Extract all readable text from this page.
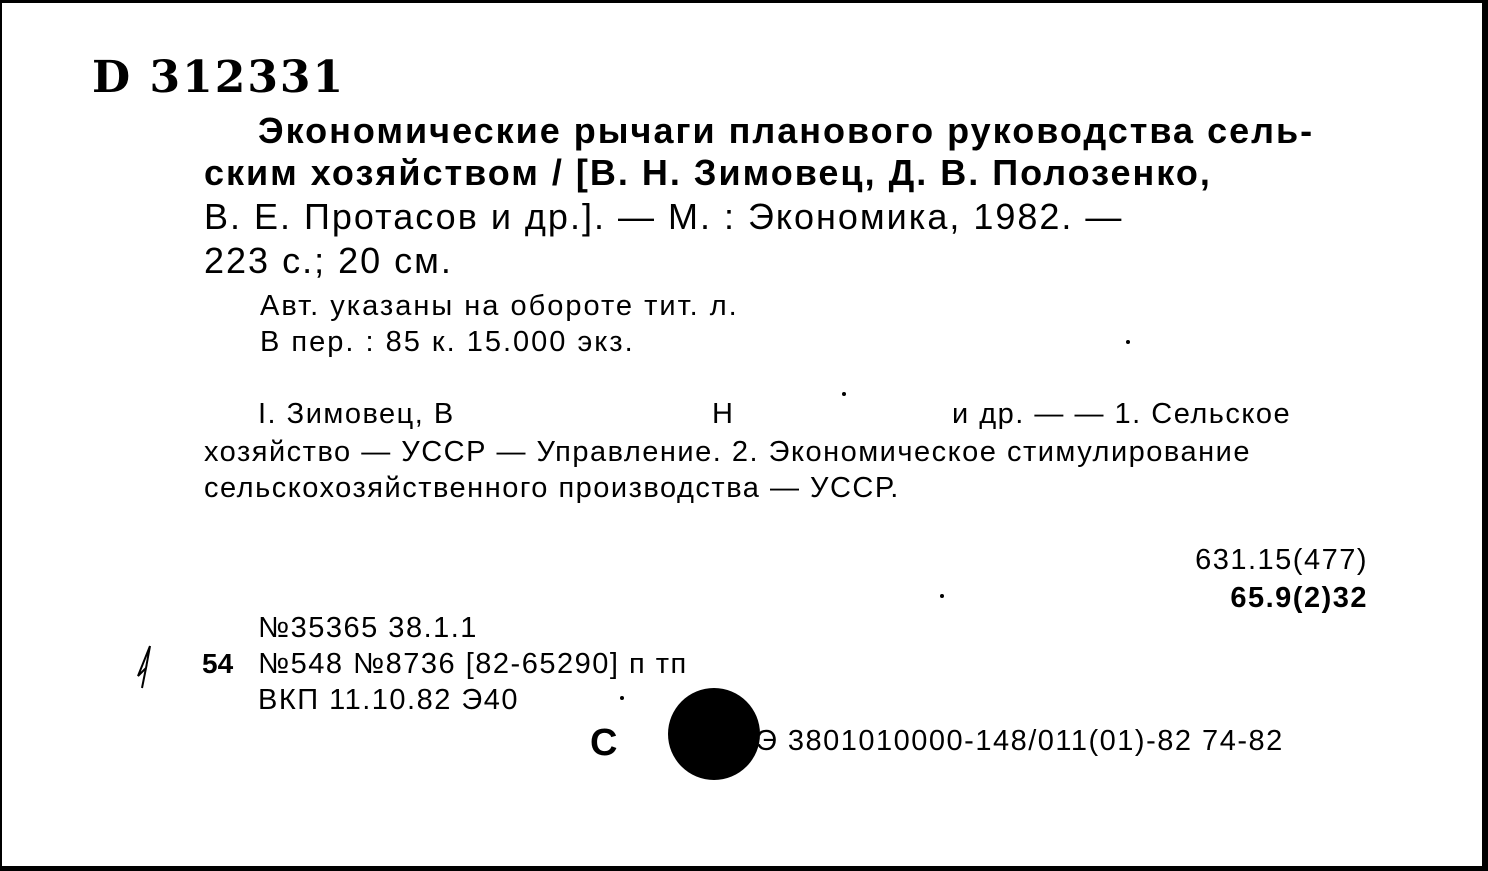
D 312331
Экономические рычаги планового руководства сель-
ским хозяйством / [В. Н. Зимовец, Д. В. Полозенко,
В. Е. Протасов и др.]. — М. : Экономика, 1982. —
223 с.; 20 см.
Авт. указаны на обороте тит. л.
В пер. : 85 к. 15.000 экз.
I. Зимовец, В	Н	и др. — — 1. Сельское
хозяйство — УССР — Управление. 2. Экономическое стимулирование
сельскохозяйственного производства — УССР.
631.15(477)
65.9(2)32
№35365 38.1.1
54 №548 №8736 [82-65290] п тп
ВКП 11.10.82 Э40
С	Э 3801010000-148/011(01)-82 74-82
